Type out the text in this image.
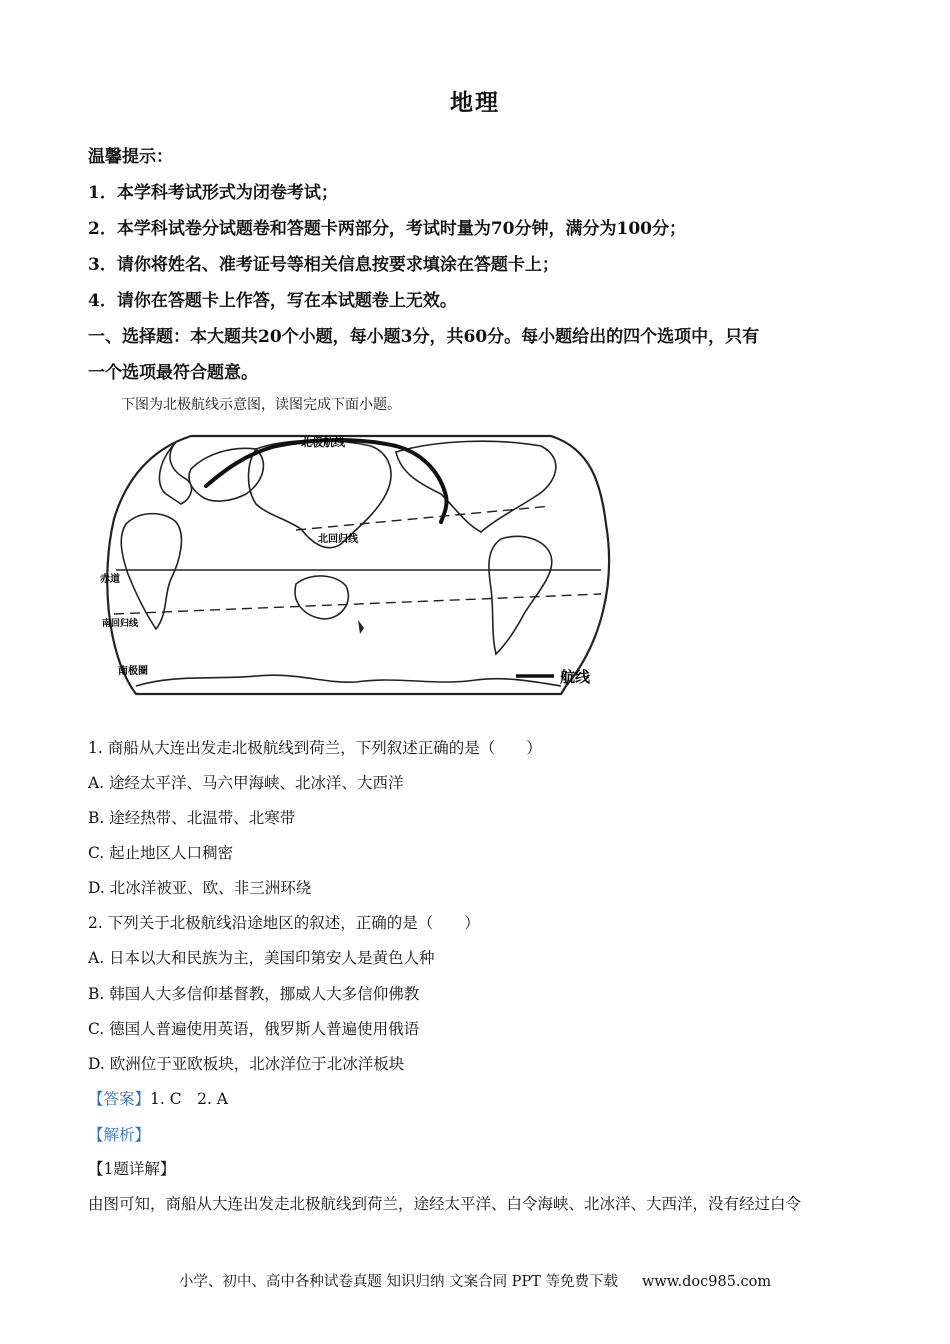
地理
温馨提示：
1．本学科考试形式为闭卷考试；
2．本学科试卷分试题卷和答题卡两部分，考试时量为70分钟，满分为100分；
3．请你将姓名、准考证号等相关信息按要求填涂在答题卡上；
4．请你在答题卡上作答，写在本试题卷上无效。
一、选择题：本大题共20个小题，每小题3分，共60分。每小题给出的四个选项中，只有
一个选项最符合题意。
下图为北极航线示意图，读图完成下面小题。
北极航线
北回归线
赤道
南回归线
南极圈	航线
1. 商船从大连出发走北极航线到荷兰，下列叙述正确的是（　　）
A. 途经太平洋、马六甲海峡、北冰洋、大西洋
B. 途经热带、北温带、北寒带
C. 起止地区人口稠密
D. 北冰洋被亚、欧、非三洲环绕
2. 下列关于北极航线沿途地区的叙述，正确的是（　　）
A. 日本以大和民族为主，美国印第安人是黄色人种
B. 韩国人大多信仰基督教，挪威人大多信仰佛教
C. 德国人普遍使用英语，俄罗斯人普遍使用俄语
D. 欧洲位于亚欧板块，北冰洋位于北冰洋板块
【答案】1. C　2. A
【解析】
【1题详解】
由图可知，商船从大连出发走北极航线到荷兰，途经太平洋、白令海峡、北冰洋、大西洋，没有经过白令
小学、初中、高中各种试卷真题 知识归纳 文案合同 PPT 等免费下载 www.doc985.com
